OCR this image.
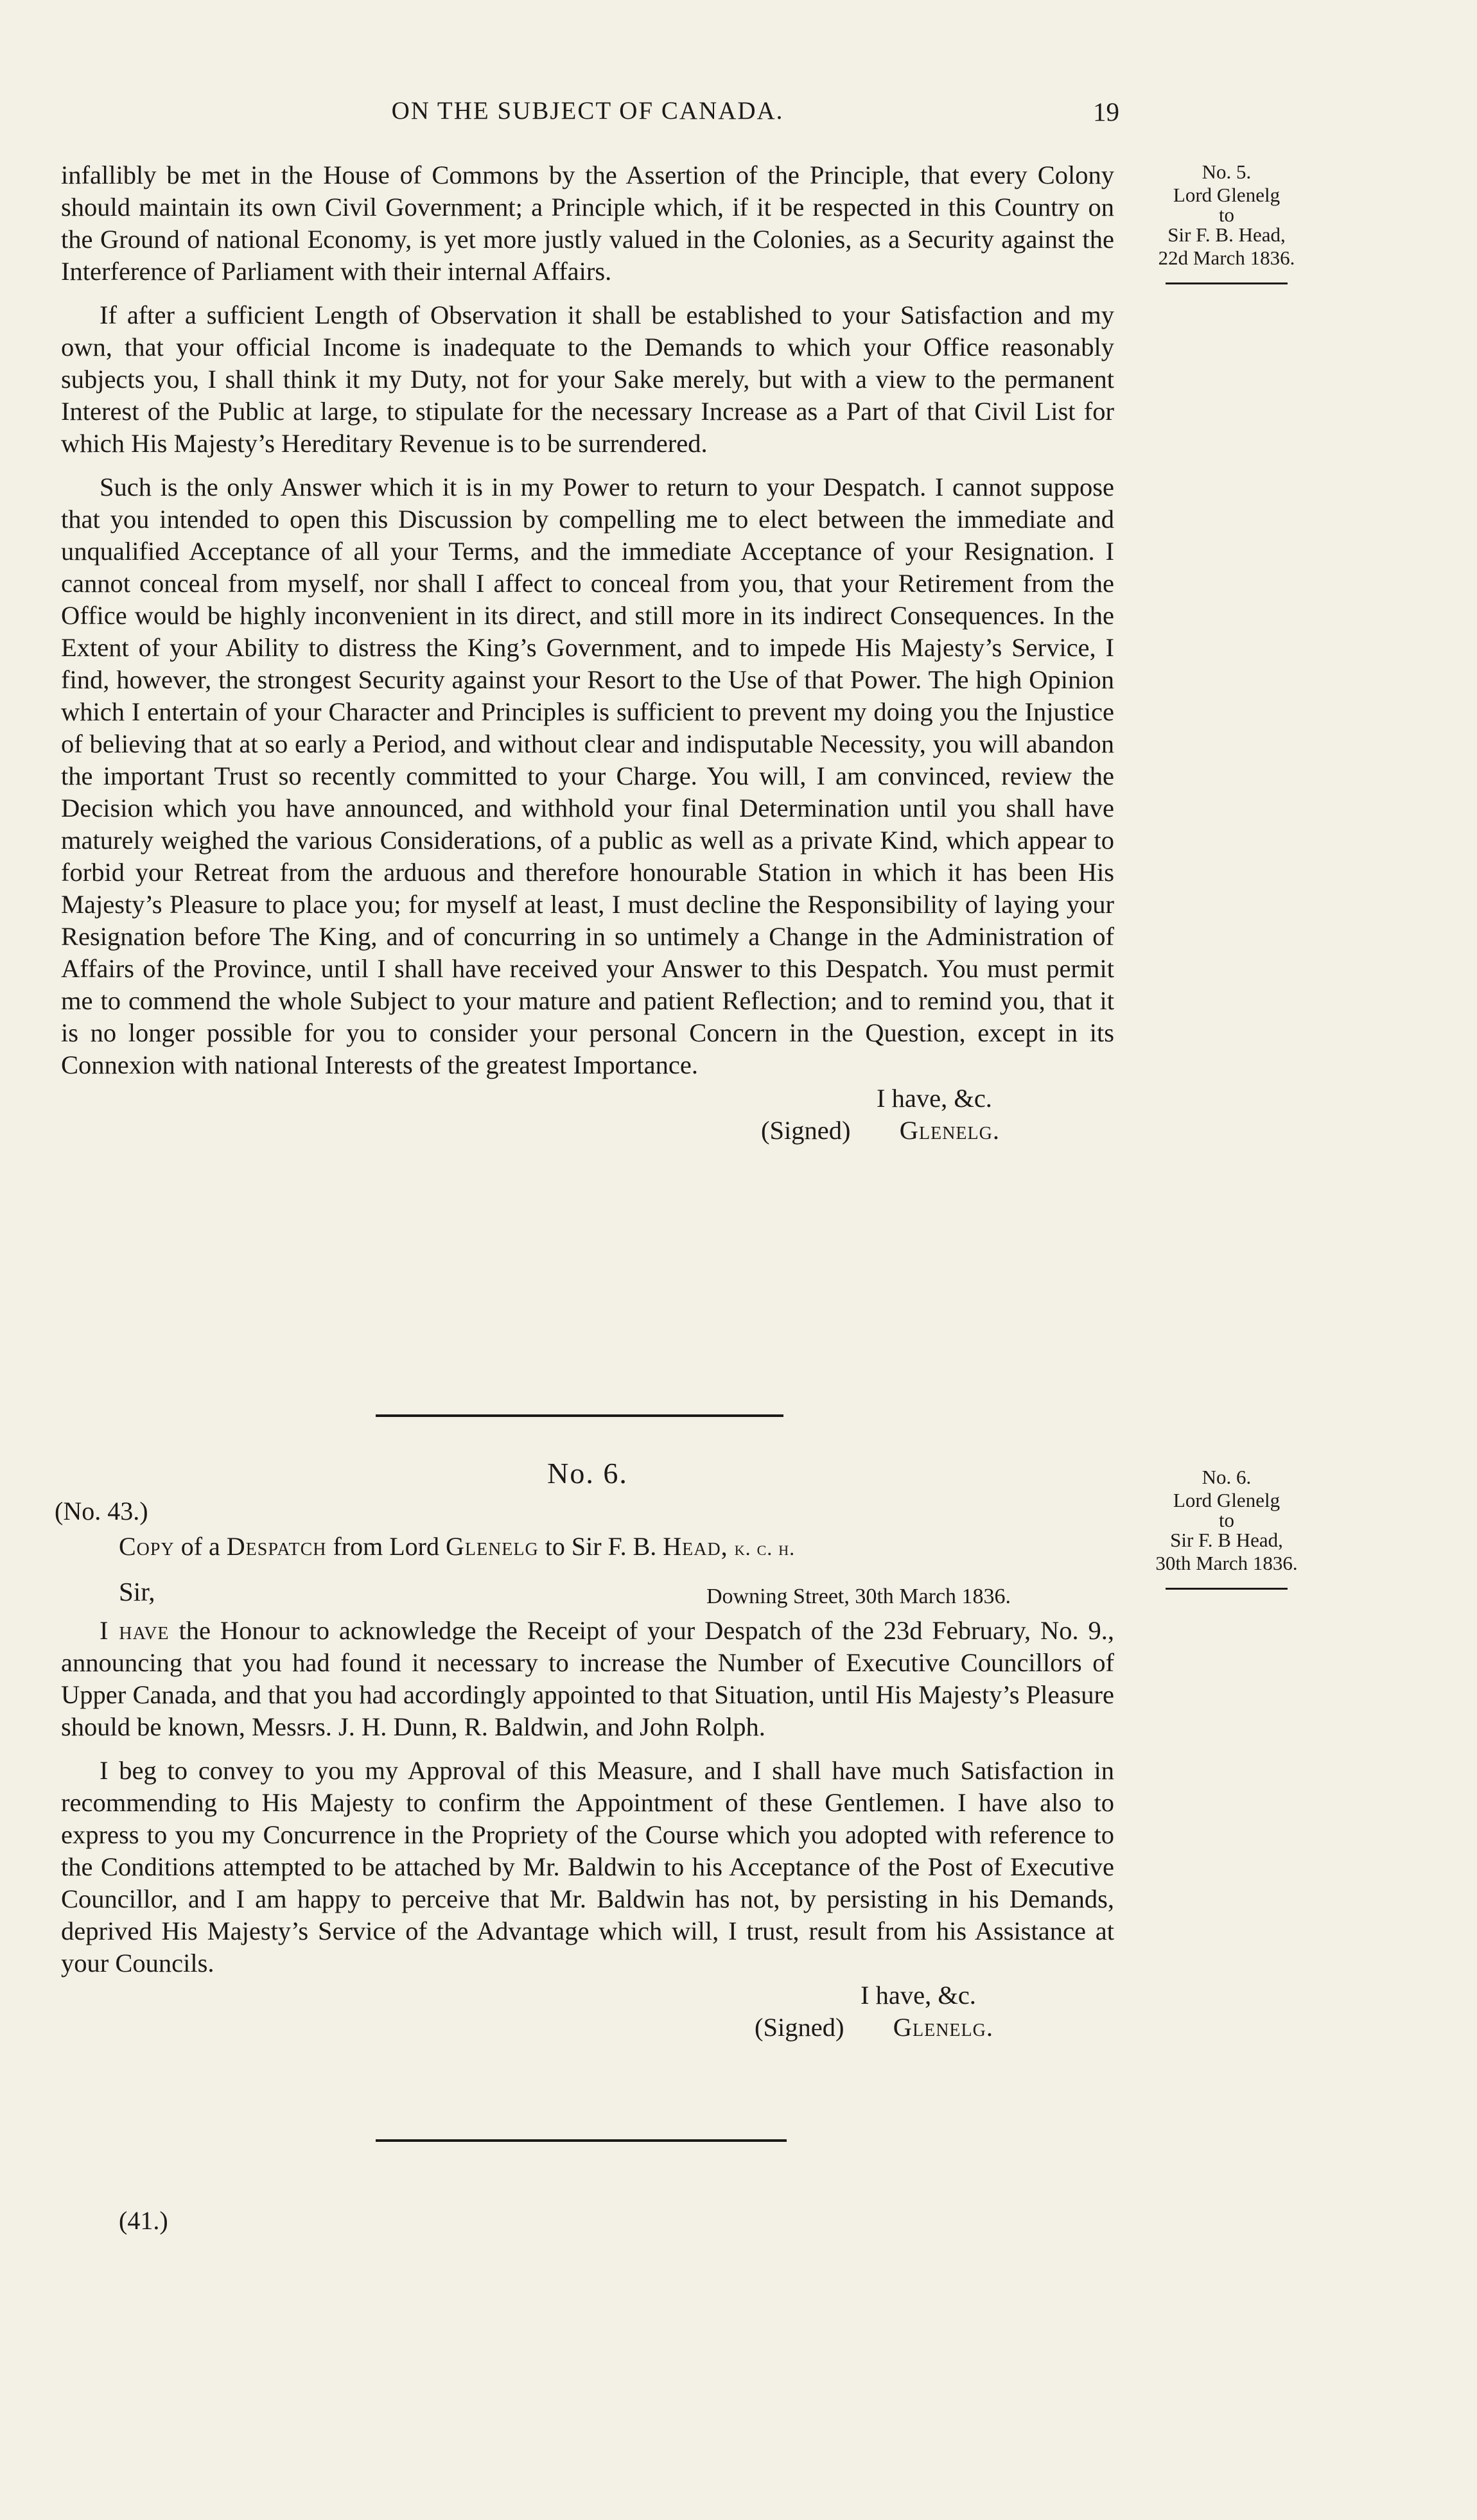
ON THE SUBJECT OF CANADA.	19
No. 5.
Lord Glenelg
to
Sir F. B. Head,
22d March 1836.

infallibly be met in the House of Commons by the Assertion of the Principle, that every Colony should maintain its own Civil Government; a Principle which, if it be respected in this Country on the Ground of national Economy, is yet more justly valued in the Colonies, as a Security against the Interference of Parliament with their internal Affairs.

If after a sufficient Length of Observation it shall be established to your Satisfaction and my own, that your official Income is inadequate to the Demands to which your Office reasonably subjects you, I shall think it my Duty, not for your Sake merely, but with a view to the permanent Interest of the Public at large, to stipulate for the necessary Increase as a Part of that Civil List for which His Majesty’s Hereditary Revenue is to be surrendered.

Such is the only Answer which it is in my Power to return to your Despatch. I cannot suppose that you intended to open this Discussion by compelling me to elect between the immediate and unqualified Acceptance of all your Terms, and the immediate Acceptance of your Resignation. I cannot conceal from myself, nor shall I affect to conceal from you, that your Retirement from the Office would be highly inconvenient in its direct, and still more in its indirect Consequences. In the Extent of your Ability to distress the King’s Government, and to impede His Majesty’s Service, I find, however, the strongest Security against your Resort to the Use of that Power. The high Opinion which I entertain of your Character and Principles is sufficient to prevent my doing you the Injustice of believing that at so early a Period, and without clear and indisputable Necessity, you will abandon the important Trust so recently committed to your Charge. You will, I am convinced, review the Decision which you have announced, and withhold your final Determination until you shall have maturely weighed the various Considerations, of a public as well as a private Kind, which appear to forbid your Retreat from the arduous and therefore honourable Station in which it has been His Majesty’s Pleasure to place you; for myself at least, I must decline the Responsibility of laying your Resignation before The King, and of concurring in so untimely a Change in the Administration of Affairs of the Province, until I shall have received your Answer to this Despatch. You must permit me to commend the whole Subject to your mature and patient Reflection; and to remind you, that it is no longer possible for you to consider your personal Concern in the Question, except in its Connexion with national Interests of the greatest Importance.

I have, &c.
(Signed) Glenelg.
No. 6.
(No. 43.)
Copy of a Despatch from Lord Glenelg to Sir F. B. Head, k. c. h.
Sir,	Downing Street, 30th March 1836.

I have the Honour to acknowledge the Receipt of your Despatch of the 23d February, No. 9., announcing that you had found it necessary to increase the Number of Executive Councillors of Upper Canada, and that you had accordingly appointed to that Situation, until His Majesty’s Pleasure should be known, Messrs. J. H. Dunn, R. Baldwin, and John Rolph.

I beg to convey to you my Approval of this Measure, and I shall have much Satisfaction in recommending to His Majesty to confirm the Appointment of these Gentlemen. I have also to express to you my Concurrence in the Propriety of the Course which you adopted with reference to the Conditions attempted to be attached by Mr. Baldwin to his Acceptance of the Post of Executive Councillor, and I am happy to perceive that Mr. Baldwin has not, by persisting in his Demands, deprived His Majesty’s Service of the Advantage which will, I trust, result from his Assistance at your Councils.

I have, &c.
(Signed) Glenelg.
No. 6.
Lord Glenelg
to
Sir F. B Head,
30th March 1836.
(41.)
